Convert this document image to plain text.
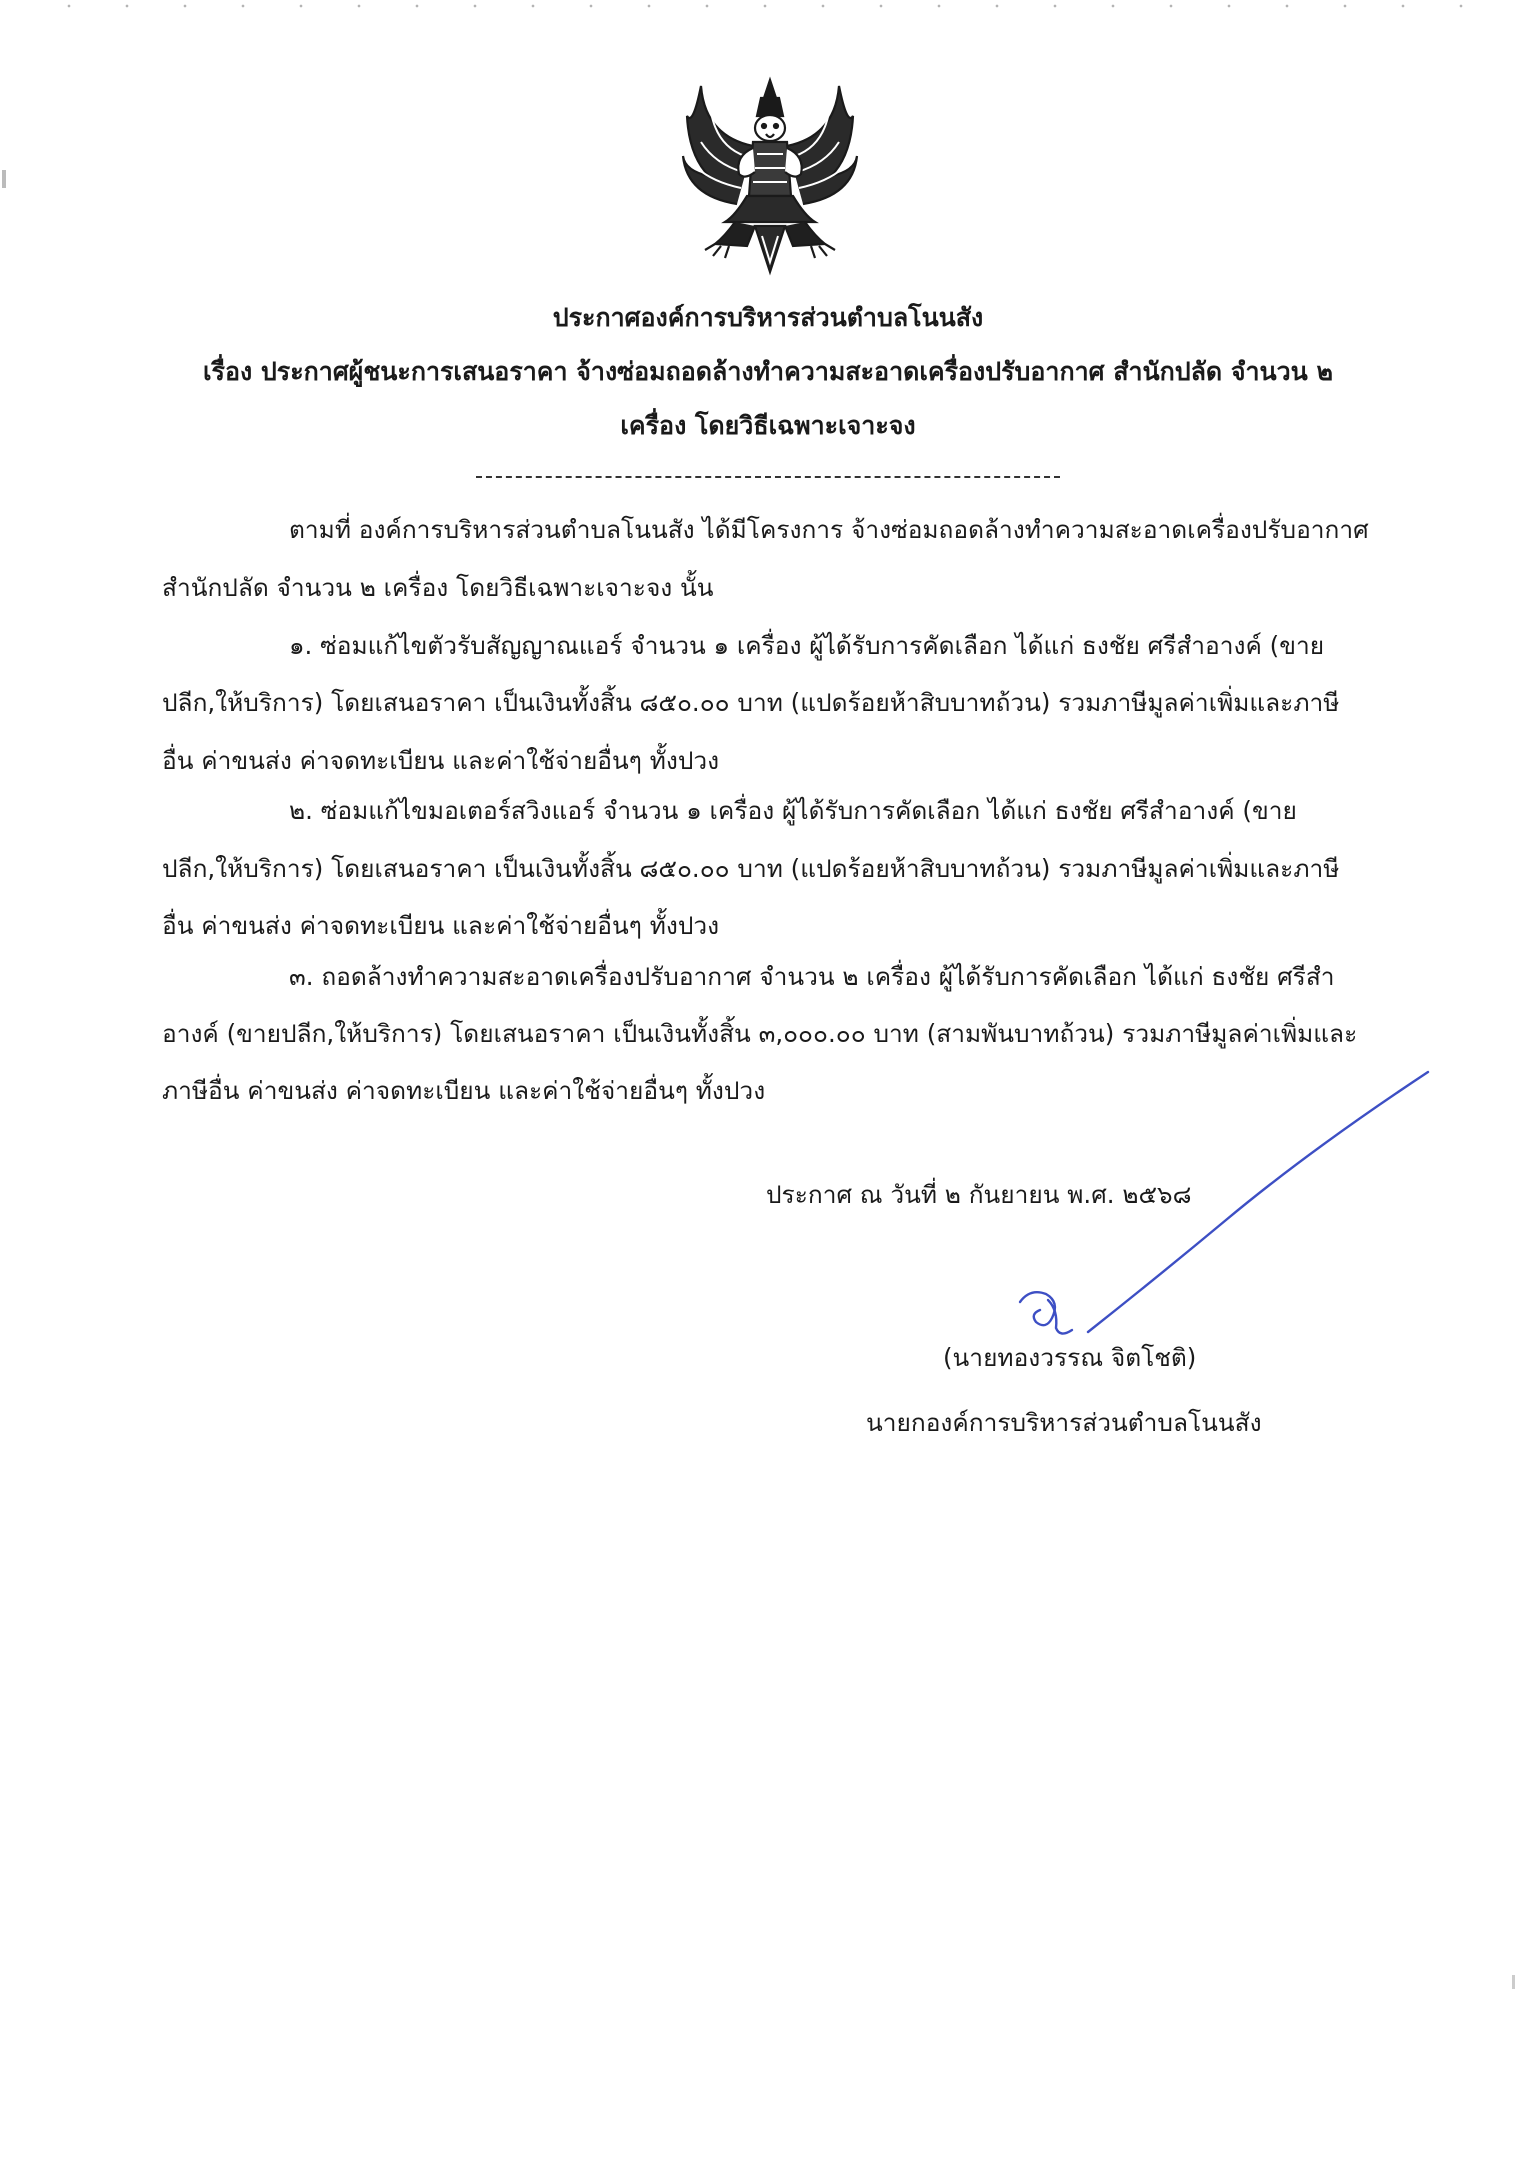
ประกาศองค์การบริหารส่วนตำบลโนนสัง
เรื่อง ประกาศผู้ชนะการเสนอราคา จ้างซ่อมถอดล้างทำความสะอาดเครื่องปรับอากาศ สำนักปลัด จำนวน ๒
เครื่อง โดยวิธีเฉพาะเจาะจง
ตามที่ องค์การบริหารส่วนตำบลโนนสัง ได้มีโครงการ จ้างซ่อมถอดล้างทำความสะอาดเครื่องปรับอากาศ
สำนักปลัด จำนวน ๒ เครื่อง โดยวิธีเฉพาะเจาะจง นั้น
๑. ซ่อมแก้ไขตัวรับสัญญาณแอร์ จำนวน ๑ เครื่อง ผู้ได้รับการคัดเลือก ได้แก่ ธงชัย ศรีสำอางค์ (ขาย
ปลีก,ให้บริการ) โดยเสนอราคา เป็นเงินทั้งสิ้น ๘๕๐.๐๐ บาท (แปดร้อยห้าสิบบาทถ้วน) รวมภาษีมูลค่าเพิ่มและภาษี
อื่น ค่าขนส่ง ค่าจดทะเบียน และค่าใช้จ่ายอื่นๆ ทั้งปวง
๒. ซ่อมแก้ไขมอเตอร์สวิงแอร์ จำนวน ๑ เครื่อง ผู้ได้รับการคัดเลือก ได้แก่ ธงชัย ศรีสำอางค์ (ขาย
ปลีก,ให้บริการ) โดยเสนอราคา เป็นเงินทั้งสิ้น ๘๕๐.๐๐ บาท (แปดร้อยห้าสิบบาทถ้วน) รวมภาษีมูลค่าเพิ่มและภาษี
อื่น ค่าขนส่ง ค่าจดทะเบียน และค่าใช้จ่ายอื่นๆ ทั้งปวง
๓. ถอดล้างทำความสะอาดเครื่องปรับอากาศ จำนวน ๒ เครื่อง ผู้ได้รับการคัดเลือก ได้แก่ ธงชัย ศรีสำ
อางค์ (ขายปลีก,ให้บริการ) โดยเสนอราคา เป็นเงินทั้งสิ้น ๓,๐๐๐.๐๐ บาท (สามพันบาทถ้วน) รวมภาษีมูลค่าเพิ่มและ
ภาษีอื่น ค่าขนส่ง ค่าจดทะเบียน และค่าใช้จ่ายอื่นๆ ทั้งปวง
ประกาศ ณ วันที่ ๒ กันยายน พ.ศ. ๒๕๖๘
(นายทองวรรณ จิตโชติ)
นายกองค์การบริหารส่วนตำบลโนนสัง
